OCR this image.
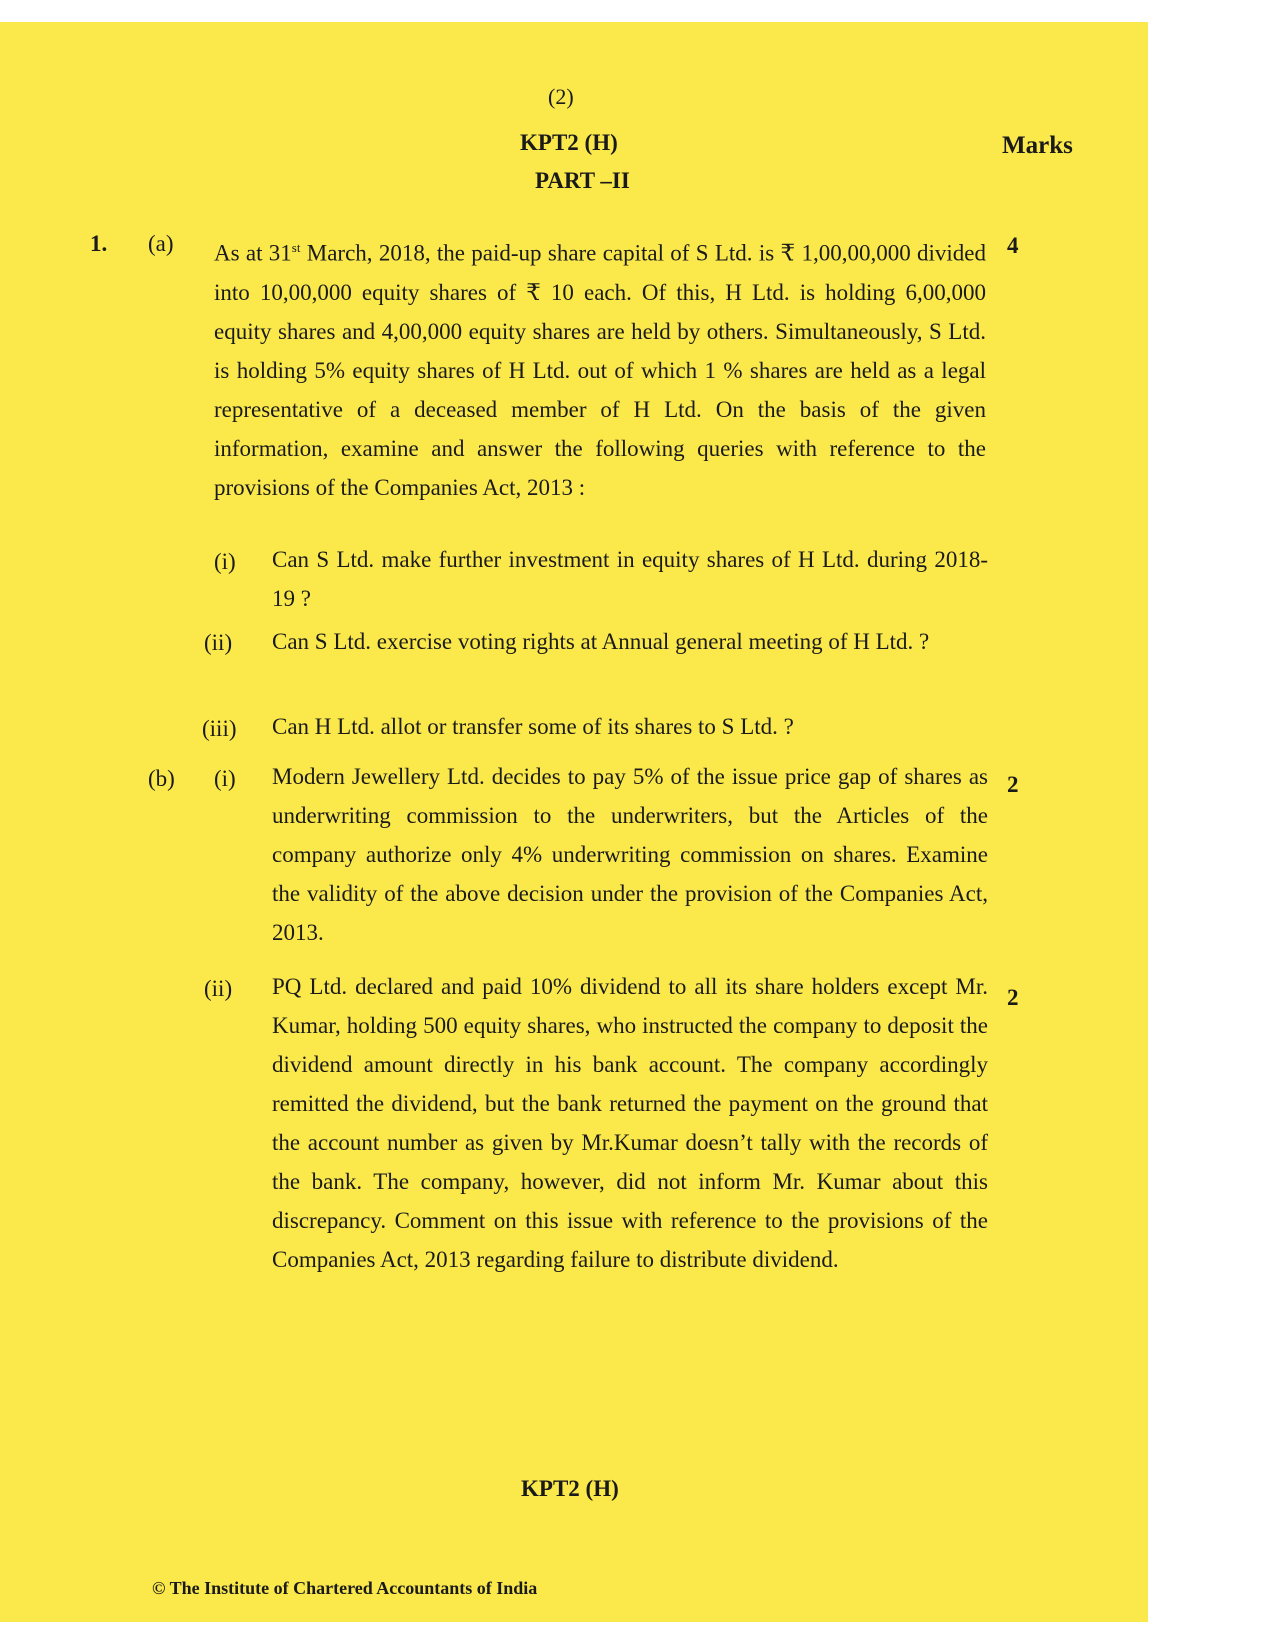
(2)
KPT2 (H)	Marks
PART –II
1. (a)	4

As at 31st March, 2018, the paid-up share capital of S Ltd. is ₹ 1,00,00,000 divided into 10,00,000 equity shares of ₹ 10 each. Of this, H Ltd. is holding 6,00,000 equity shares and 4,00,000 equity shares are held by others. Simultaneously, S Ltd. is holding 5% equity shares of H Ltd. out of which 1 % shares are held as a legal representative of a deceased member of H Ltd. On the basis of the given information, examine and answer the following queries with reference to the provisions of the Companies Act, 2013 :

(i) Can S Ltd. make further investment in equity shares of H Ltd. during 2018-19 ?

(ii) Can S Ltd. exercise voting rights at Annual general meeting of H Ltd. ?

(iii) Can H Ltd. allot or transfer some of its shares to S Ltd. ?

(b) (i)	2

Modern Jewellery Ltd. decides to pay 5% of the issue price gap of shares as underwriting commission to the underwriters, but the Articles of the company authorize only 4% underwriting commission on shares. Examine the validity of the above decision under the provision of the Companies Act, 2013.

(ii)	2

PQ Ltd. declared and paid 10% dividend to all its share holders except Mr. Kumar, holding 500 equity shares, who instructed the company to deposit the dividend amount directly in his bank account. The company accordingly remitted the dividend, but the bank returned the payment on the ground that the account number as given by Mr.Kumar doesn’t tally with the records of the bank. The company, however, did not inform Mr. Kumar about this discrepancy. Comment on this issue with reference to the provisions of the Companies Act, 2013 regarding failure to distribute dividend.

KPT2 (H)
© The Institute of Chartered Accountants of India
